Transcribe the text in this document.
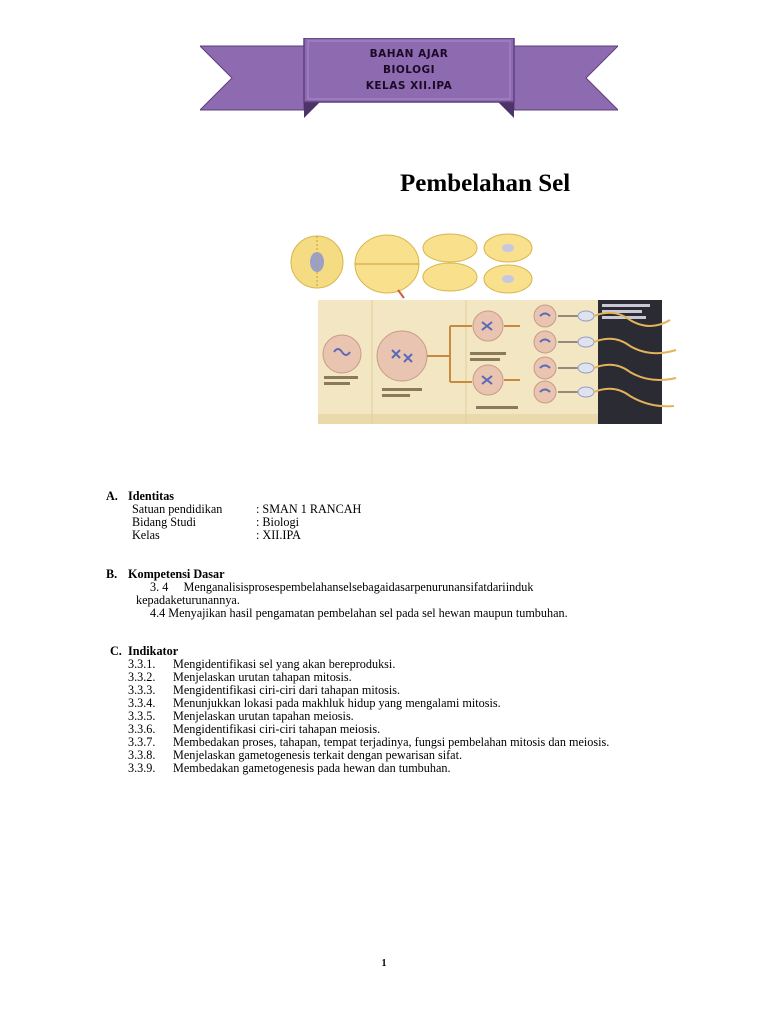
BAHAN AJAR
BIOLOGI
KELAS XII.IPA
Pembelahan Sel
A. Identitas
Satuan pendidikan	: SMAN 1 RANCAH
Bidang Studi	: Biologi
Kelas	: XII.IPA
B. Kompetensi Dasar
3. 4 Menganalisisprosespembelahanselsebagaidasarpenurunansifatdariinduk
kepadaketurunannya.
4.4 Menyajikan hasil pengamatan pembelahan sel pada sel hewan maupun tumbuhan.
C. Indikator
3.3.1.	Mengidentifikasi sel yang akan bereproduksi.
3.3.2.	Menjelaskan urutan tahapan mitosis.
3.3.3.	Mengidentifikasi ciri-ciri dari tahapan mitosis.
3.3.4.	Menunjukkan lokasi pada makhluk hidup yang mengalami mitosis.
3.3.5.	Menjelaskan urutan tapahan meiosis.
3.3.6.	Mengidentifikasi ciri-ciri tahapan meiosis.
3.3.7.	Membedakan proses, tahapan, tempat terjadinya, fungsi pembelahan mitosis dan meiosis.
3.3.8.	Menjelaskan gametogenesis terkait dengan pewarisan sifat.
3.3.9.	Membedakan gametogenesis pada hewan dan tumbuhan.
1
